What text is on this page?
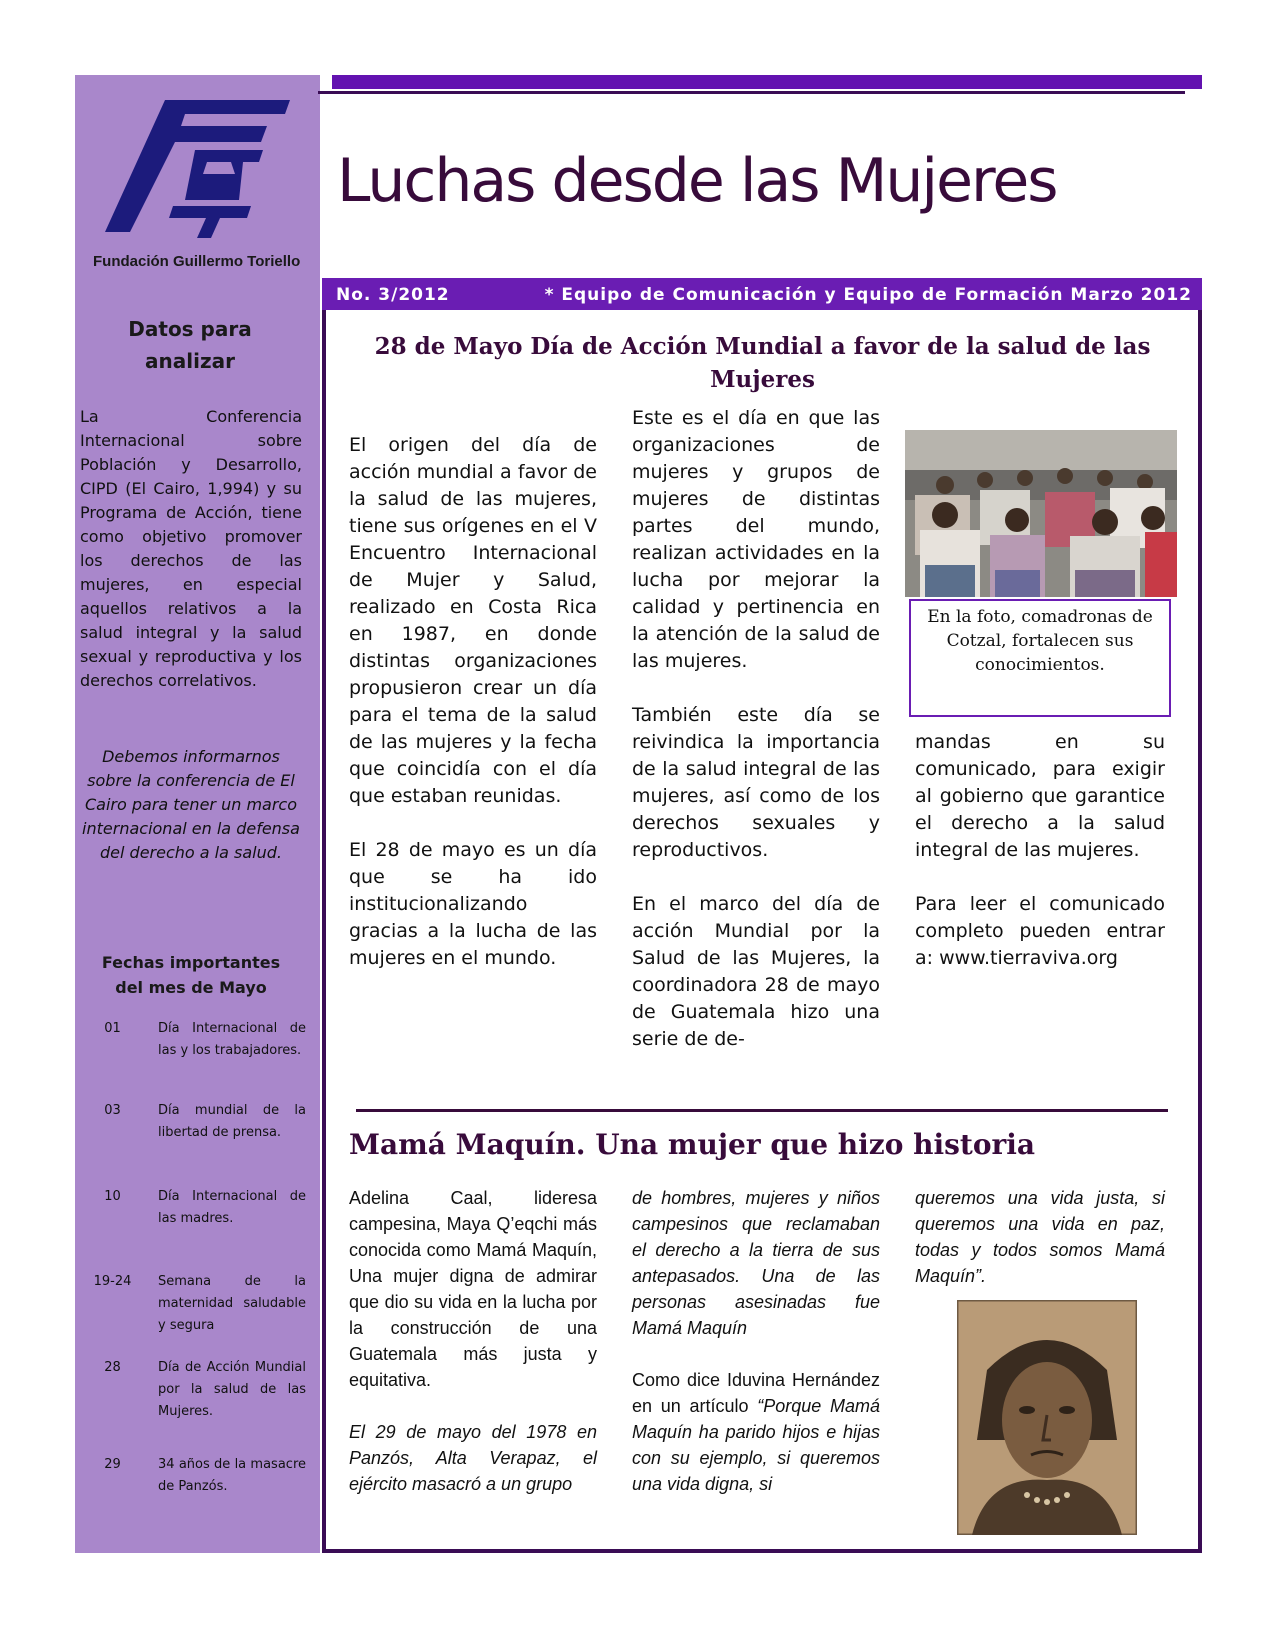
Fundación Guillermo Toriello
Luchas desde las Mujeres
No. 3/2012	* Equipo de Comunicación y Equipo de Formación Marzo 2012
Datos para analizar
La Conferencia Internacional sobre Población y Desarrollo, CIPD (El Cairo, 1,994) y su Programa de Acción, tiene como objetivo promover los derechos de las mujeres, en especial aquellos relativos a la salud integral y la salud sexual y reproductiva y los derechos correlativos.
Debemos informarnos sobre la conferencia de El Cairo para tener un marco internacional en la defensa del derecho a la salud.
Fechas importantes del mes de Mayo
01	Día Internacional de las y los trabajadores.
03	Día mundial de la libertad de prensa.
10	Día Internacional de las madres.
19-24	Semana de la maternidad saludable y segura
28	Día de Acción Mundial por la salud de las Mujeres.
29	34 años de la masacre de Panzós.
28 de Mayo Día de Acción Mundial a favor de la salud de las Mujeres

El origen del día de acción mundial a favor de la salud de las mujeres, tiene sus orígenes en el V Encuentro Internacional de Mujer y Salud, realizado en Costa Rica en 1987, en donde distintas organizaciones propusieron crear un día para el tema de la salud de las mujeres y la fecha que coincidía con el día que estaban reunidas.

El 28 de mayo es un día que se ha ido institucionalizando gracias a la lucha de las mujeres en el mundo.

Este es el día en que las organizaciones de mujeres y grupos de mujeres de distintas partes del mundo, realizan actividades en la lucha por mejorar la calidad y pertinencia en la atención de la salud de las mujeres.

También este día se reivindica la importancia de la salud integral de las mujeres, así como de los derechos sexuales y reproductivos.

En el marco del día de acción Mundial por la Salud de las Mujeres, la coordinadora 28 de mayo de Guatemala hizo una serie de de-

En la foto, comadronas de Cotzal, fortalecen sus conocimientos.

mandas en su comunicado, para exigir al gobierno que garantice el derecho a la salud integral de las mujeres.

Para leer el comunicado completo pueden entrar a: www.tierraviva.org

Mamá Maquín. Una mujer que hizo historia

Adelina Caal, lideresa campesina, Maya Q’eqchi más conocida como Mamá Maquín, Una mujer digna de admirar que dio su vida en la lucha por la construcción de una Guatemala más justa y equitativa.

El 29 de mayo del 1978 en Panzós, Alta Verapaz, el ejército masacró a un grupo

de hombres, mujeres y niños campesinos que reclamaban el derecho a la tierra de sus antepasados. Una de las personas asesinadas fue Mamá Maquín

Como dice Iduvina Hernández en un artículo “Porque Mamá Maquín ha parido hijos e hijas con su ejemplo, si queremos una vida digna, si

queremos una vida justa, si queremos una vida en paz, todas y todos somos Mamá Maquín”.
